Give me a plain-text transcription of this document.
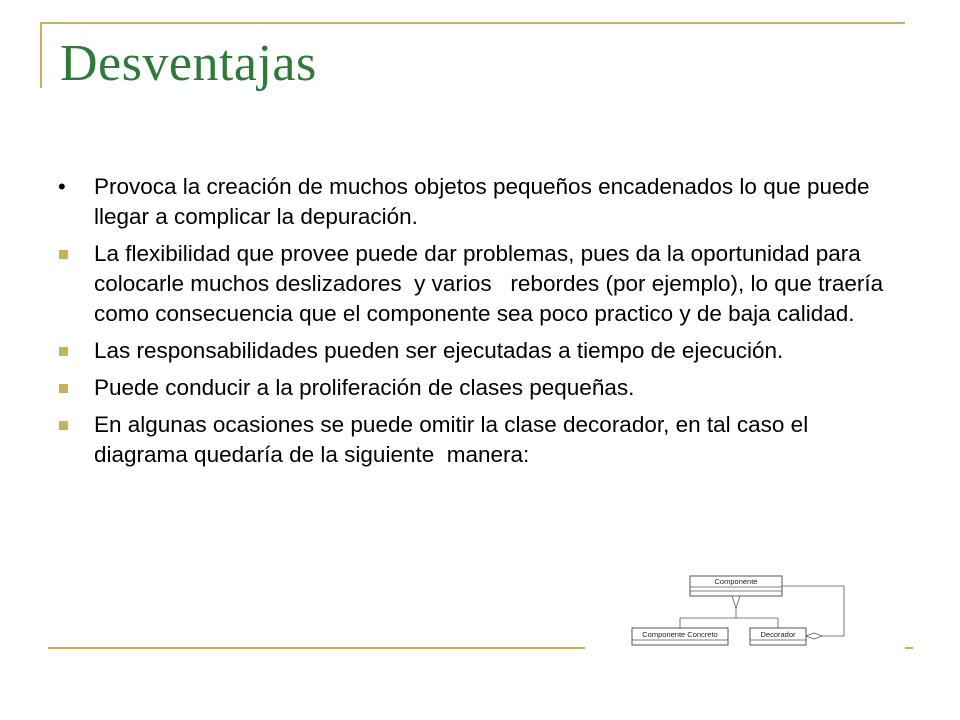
Desventajas
• Provoca la creación de muchos objetos pequeños encadenados lo que puede llegar a complicar la depuración.
La flexibilidad que provee puede dar problemas, pues da la oportunidad para colocarle muchos deslizadores  y varios   rebordes (por ejemplo), lo que traería como consecuencia que el componente sea poco practico y de baja calidad.
Las responsabilidades pueden ser ejecutadas a tiempo de ejecución.
Puede conducir a la proliferación de clases pequeñas.
En algunas ocasiones se puede omitir la clase decorador, en tal caso el diagrama quedaría de la siguiente  manera:
Componente
Componente Concreto	Decorador
